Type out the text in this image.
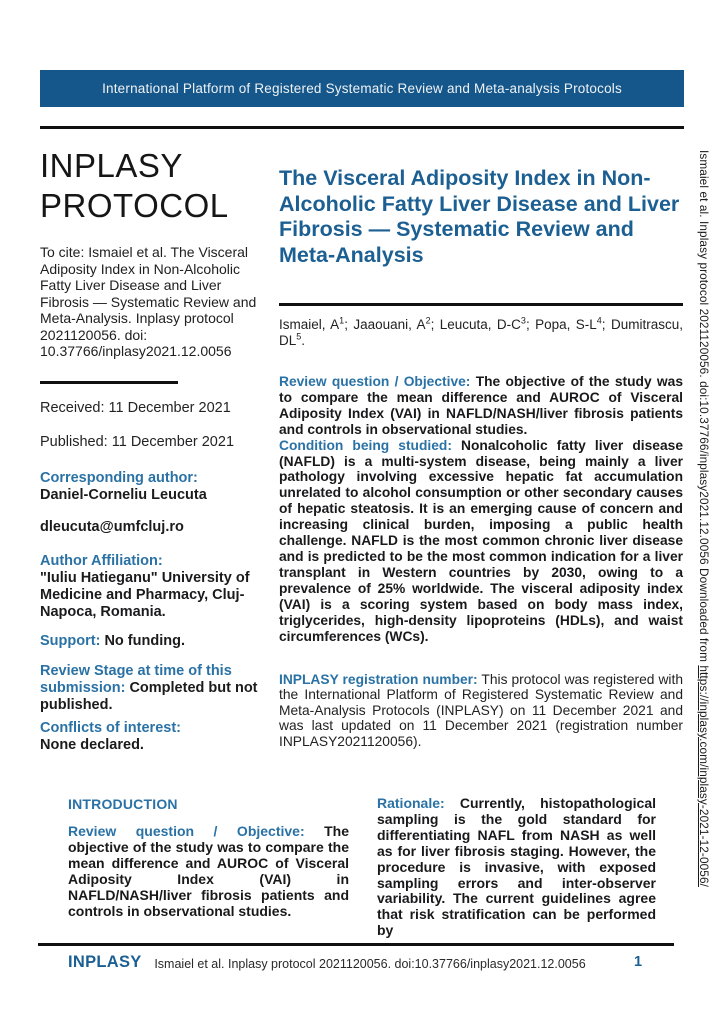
International Platform of Registered Systematic Review and Meta-analysis Protocols
INPLASY
PROTOCOL

To cite: Ismaiel et al. The Visceral Adiposity Index in Non-Alcoholic Fatty Liver Disease and Liver Fibrosis — Systematic Review and Meta-Analysis. Inplasy protocol 2021120056. doi: 10.37766/inplasy2021.12.0056

Received: 11 December 2021

Published: 11 December 2021

Corresponding author:
Daniel-Corneliu Leucuta
dleucuta@umfcluj.ro
Author Affiliation:
"Iuliu Hatieganu" University of Medicine and Pharmacy, Cluj-Napoca, Romania.
Support: No funding.
Review Stage at time of this submission: Completed but not published.
Conflicts of interest:
None declared.
The Visceral Adiposity Index in Non-Alcoholic Fatty Liver Disease and Liver Fibrosis — Systematic Review and Meta-Analysis

Ismaiel, $A^1$; Jaaouani, $A^2$; Leucuta, $D-C^3$; Popa, $S-L^4$; Dumitrascu, $DL^5$.

Review question / Objective: The objective of the study was to compare the mean difference and AUROC of Visceral Adiposity Index (VAI) in NAFLD/NASH/liver fibrosis patients and controls in observational studies.

Condition being studied: Nonalcoholic fatty liver disease (NAFLD) is a multi-system disease, being mainly a liver pathology involving excessive hepatic fat accumulation unrelated to alcohol consumption or other secondary causes of hepatic steatosis. It is an emerging cause of concern and increasing clinical burden, imposing a public health challenge. NAFLD is the most common chronic liver disease and is predicted to be the most common indication for a liver transplant in Western countries by 2030, owing to a prevalence of 25% worldwide. The visceral adiposity index (VAI) is a scoring system based on body mass index, triglycerides, high-density lipoproteins (HDLs), and waist circumferences (WCs).

INPLASY registration number: This protocol was registered with the International Platform of Registered Systematic Review and Meta-Analysis Protocols (INPLASY) on 11 December 2021 and was last updated on 11 December 2021 (registration number INPLASY2021120056).

INTRODUCTION

Review question / Objective: The objective of the study was to compare the mean difference and AUROC of Visceral Adiposity Index (VAI) in NAFLD/NASH/liver fibrosis patients and controls in observational studies.

Rationale: Currently, histopathological sampling is the gold standard for differentiating NAFL from NASH as well as for liver fibrosis staging. However, the procedure is invasive, with exposed sampling errors and inter-observer variability. The current guidelines agree that risk stratification can be performed by

INPLASY	Ismaiel et al. Inplasy protocol 2021120056. doi:10.37766/inplasy2021.12.0056	1
Ismaiel et al. Inplasy protocol 2021120056. doi:10.37766/inplasy2021.12.0056 Downloaded from https://inplasy.com/inplasy-2021-12-0056/
